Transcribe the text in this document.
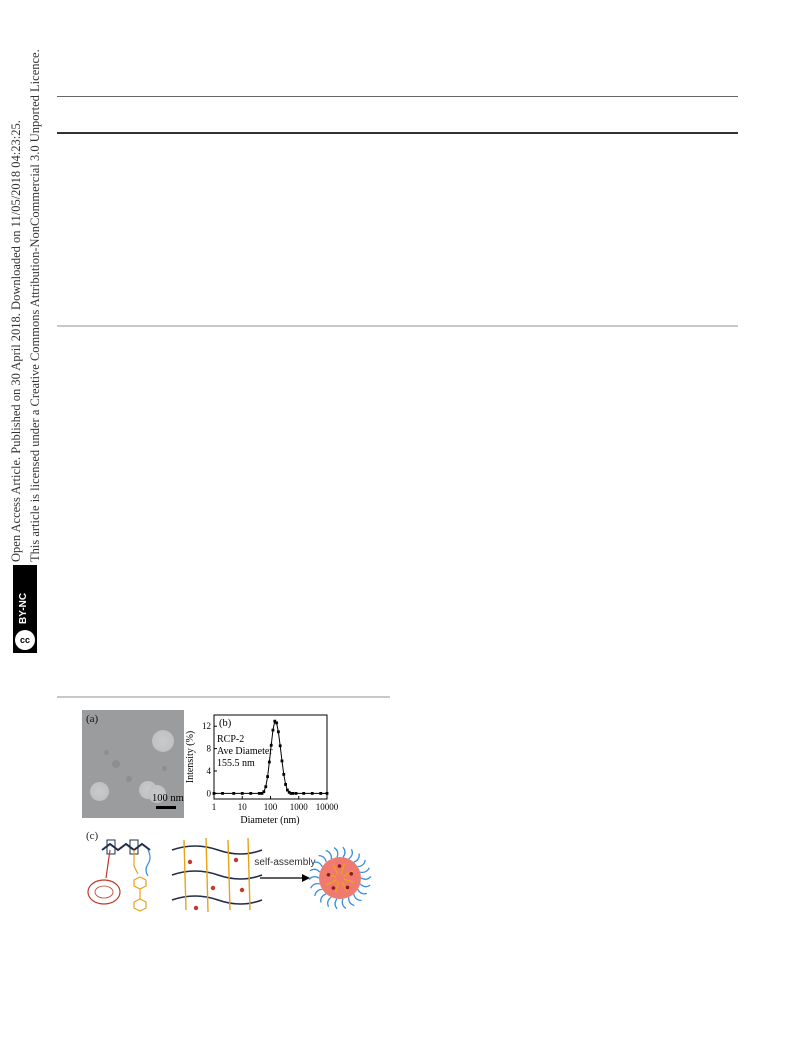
Open Access Article. Published on 30 April 2018. Downloaded on 11/05/2018 04:23:25. This article is licensed under a Creative Commons Attribution-NonCommercial 3.0 Unported Licence.
cc
BY-NC
(a)
100 nm
1 10 100 1000 10000
0
4
8
12 (b)
RCP-2
Ave Diameter
155.5 nm
Diameter (nm)
Intensity (%)
(c)
self-assembly
